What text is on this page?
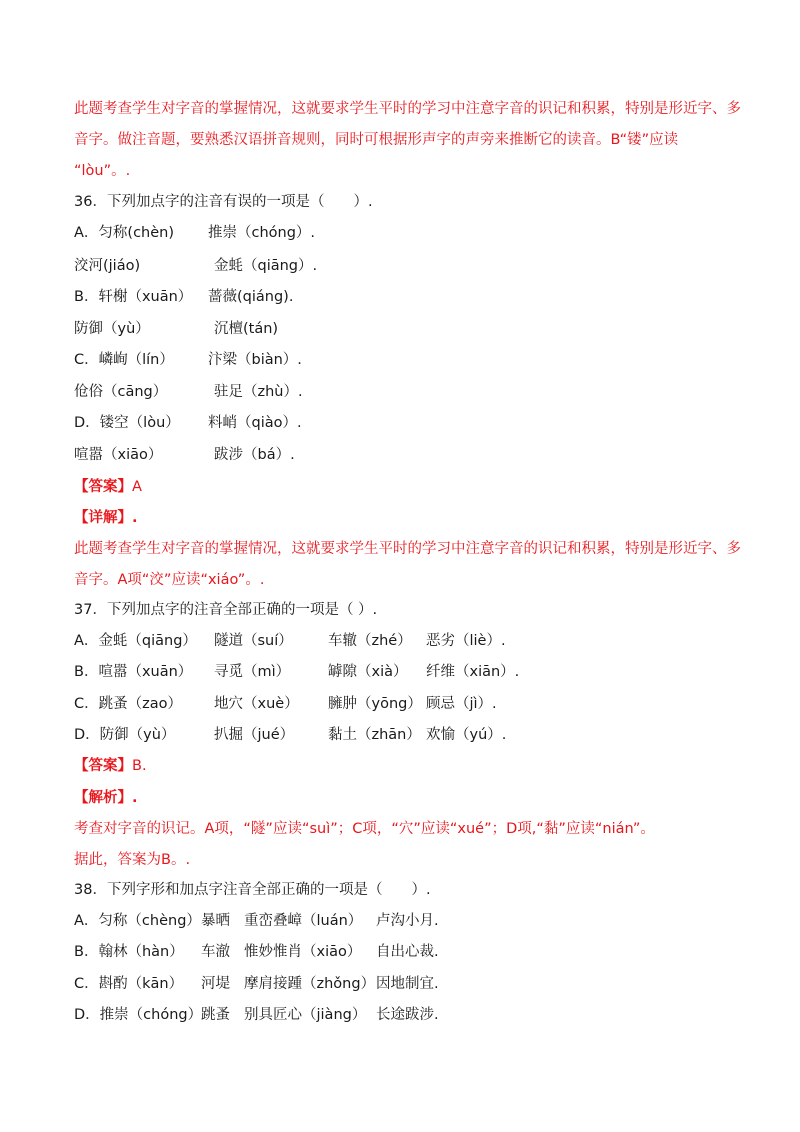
此题考查学生对字音的掌握情况，这就要求学生平时的学习中注意字音的识记和积累，特别是形近字、多
音字。做注音题，要熟悉汉语拼音规则，同时可根据形声字的声旁来推断它的读音。B“镂”应读
“lòu”。.
36．下列加点字的注音有误的一项是（　　）.
A．匀称(chèn) 推崇（chóng）.
洨河(jiáo)	金蚝（qiāng）.
B．轩榭（xuān） 蔷薇(qiáng).
防御（yù）	沉檀(tán)
C．嶙峋（lín） 汴梁（biàn）.
伧俗（cāng）	驻足（zhù）.
D．镂空（lòu） 料峭（qiào）.
喧嚣（xiāo）	跋涉（bá）.
【答案】A
【详解】.
此题考查学生对字音的掌握情况，这就要求学生平时的学习中注意字音的识记和积累，特别是形近字、多
音字。A项“洨”应读“xiáo”。.
37．下列加点字的注音全部正确的一项是（ ）.
A．金蚝（qiāng） 隧道（suí） 车辙（zhé） 恶劣（liè）.
B．喧嚣（xuān） 寻觅（mì）	罅隙（xià） 纤维（xiān）.
C．跳蚤（zao） 地穴（xuè） 臃肿（yōng） 顾忌（jì）.
D．防御（yù）	扒掘（jué） 黏土（zhān） 欢愉（yú）.
【答案】B.
【解析】.
考查对字音的识记。A项，“隧”应读“suì”；C项，“穴”应读“xué”；D项,“黏”应读“nián”。
据此，答案为B。.
38．下列字形和加点字注音全部正确的一项是（　　）.
A．匀称（chèng） 暴晒 重峦叠嶂（luán） 卢沟小月.
B．翰林（hàn） 车澈 惟妙惟肖（xiāo） 自出心裁.
C．斟酌（kān） 河堤 摩肩接踵（zhǒng） 因地制宜.
D．推崇（chóng）
跳蚤 别具匠心（jiàng） 长途跋涉.
